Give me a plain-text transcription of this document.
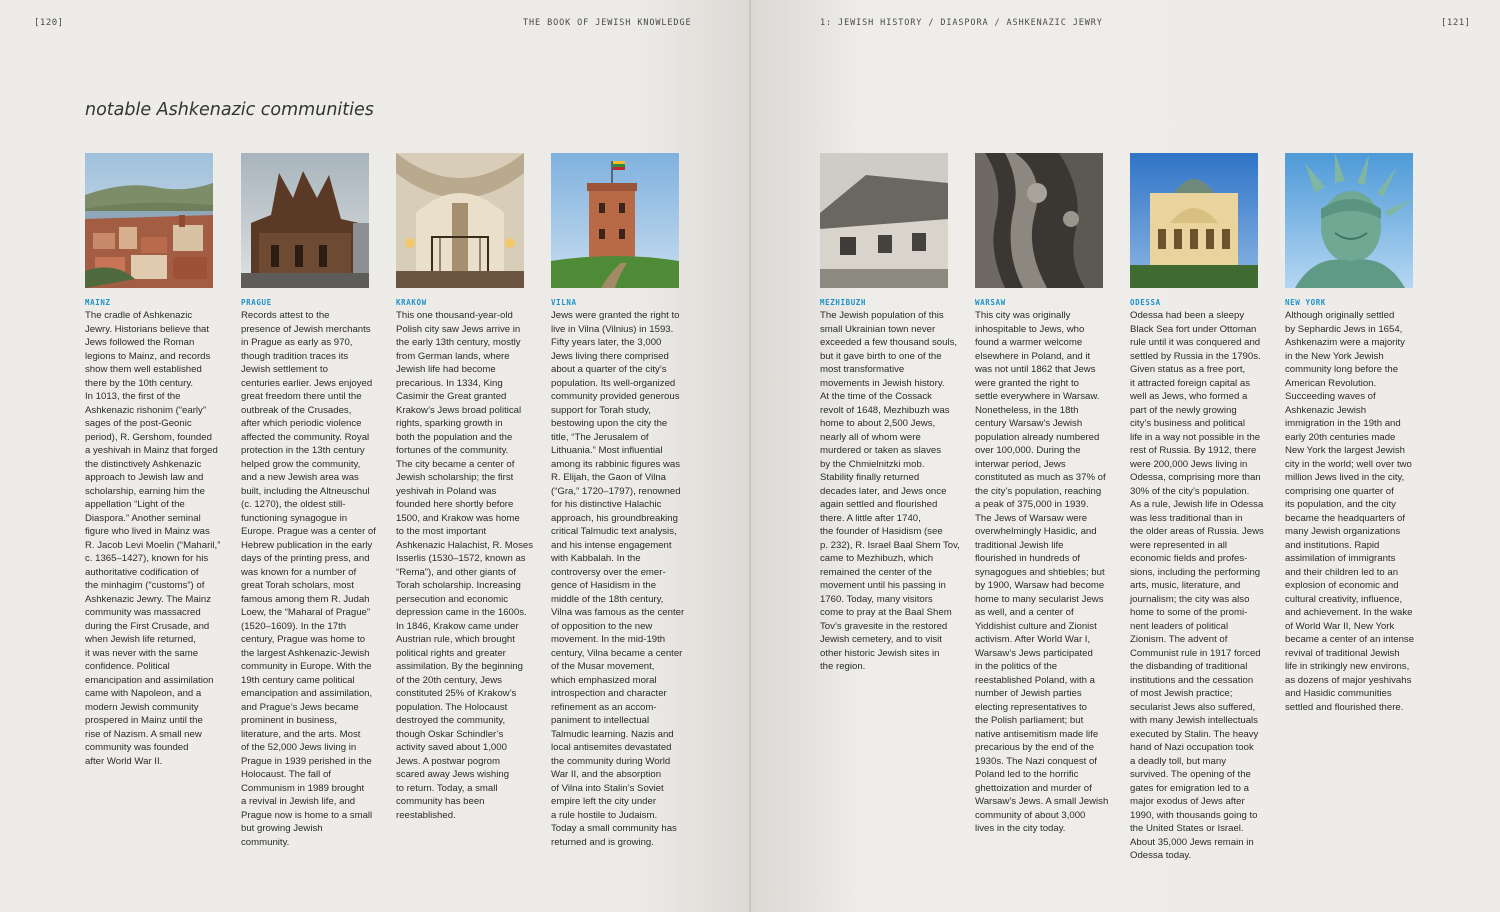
[120]	THE BOOK OF JEWISH KNOWLEDGE
notable Ashkenazic communities
MAINZ
The cradle of Ashkenazic
Jewry. Historians believe that
Jews followed the Roman
legions to Mainz, and records
show them well established
there by the 10th century.
In 1013, the first of the
Ashkenazic rishonim (“early”
sages of the post-Geonic
period), R. Gershom, founded
a yeshivah in Mainz that forged
the distinctively Ashkenazic
approach to Jewish law and
scholarship, earning him the
appellation “Light of the
Diaspora.” Another seminal
figure who lived in Mainz was
R. Jacob Levi Moelin (“Maharil,”
c. 1365–1427), known for his
authoritative codification of
the minhagim (“customs”) of
Ashkenazic Jewry. The Mainz
community was massacred
during the First Crusade, and
when Jewish life returned,
it was never with the same
confidence. Political
emancipation and assimilation
came with Napoleon, and a
modern Jewish community
prospered in Mainz until the
rise of Nazism. A small new
community was founded
after World War II.
PRAGUE
Records attest to the
presence of Jewish merchants
in Prague as early as 970,
though tradition traces its
Jewish settlement to
centuries earlier. Jews enjoyed
great freedom there until the
outbreak of the Crusades,
after which periodic violence
affected the community. Royal
protection in the 13th century
helped grow the community,
and a new Jewish area was
built, including the Altneuschul
(c. 1270), the oldest still-
functioning synagogue in
Europe. Prague was a center of
Hebrew publication in the early
days of the printing press, and
was known for a number of
great Torah scholars, most
famous among them R. Judah
Loew, the “Maharal of Prague”
(1520–1609). In the 17th
century, Prague was home to
the largest Ashkenazic-Jewish
community in Europe. With the
19th century came political
emancipation and assimilation,
and Prague’s Jews became
prominent in business,
literature, and the arts. Most
of the 52,000 Jews living in
Prague in 1939 perished in the
Holocaust. The fall of
Communism in 1989 brought
a revival in Jewish life, and
Prague now is home to a small
but growing Jewish
community.
KRAKOW
This one thousand-year-old
Polish city saw Jews arrive in
the early 13th century, mostly
from German lands, where
Jewish life had become
precarious. In 1334, King
Casimir the Great granted
Krakow’s Jews broad political
rights, sparking growth in
both the population and the
fortunes of the community.
The city became a center of
Jewish scholarship; the first
yeshivah in Poland was
founded here shortly before
1500, and Krakow was home
to the most important
Ashkenazic Halachist, R. Moses
Isserlis (1530–1572, known as
“Rema”), and other giants of
Torah scholarship. Increasing
persecution and economic
depression came in the 1600s.
In 1846, Krakow came under
Austrian rule, which brought
political rights and greater
assimilation. By the beginning
of the 20th century, Jews
constituted 25% of Krakow’s
population. The Holocaust
destroyed the community,
though Oskar Schindler’s
activity saved about 1,000
Jews. A postwar pogrom
scared away Jews wishing
to return. Today, a small
community has been
reestablished.
VILNA
Jews were granted the right to
live in Vilna (Vilnius) in 1593.
Fifty years later, the 3,000
Jews living there comprised
about a quarter of the city’s
population. Its well-organized
community provided generous
support for Torah study,
bestowing upon the city the
title, “The Jerusalem of
Lithuania.” Most influential
among its rabbinic figures was
R. Elijah, the Gaon of Vilna
(“Gra,” 1720–1797), renowned
for his distinctive Halachic
approach, his groundbreaking
critical Talmudic text analysis,
and his intense engagement
with Kabbalah. In the
controversy over the emer-
gence of Hasidism in the
middle of the 18th century,
Vilna was famous as the center
of opposition to the new
movement. In the mid-19th
century, Vilna became a center
of the Musar movement,
which emphasized moral
introspection and character
refinement as an accom-
paniment to intellectual
Talmudic learning. Nazis and
local antisemites devastated
the community during World
War II, and the absorption
of Vilna into Stalin’s Soviet
empire left the city under
a rule hostile to Judaism.
Today a small community has
returned and is growing.
1: JEWISH HISTORY / DIASPORA / ASHKENAZIC JEWRY	[121]
MEZHIBUZH
The Jewish population of this
small Ukrainian town never
exceeded a few thousand souls,
but it gave birth to one of the
most transformative
movements in Jewish history.
At the time of the Cossack
revolt of 1648, Mezhibuzh was
home to about 2,500 Jews,
nearly all of whom were
murdered or taken as slaves
by the Chmielnitzki mob.
Stability finally returned
decades later, and Jews once
again settled and flourished
there. A little after 1740,
the founder of Hasidism (see
p. 232), R. Israel Baal Shem Tov,
came to Mezhibuzh, which
remained the center of the
movement until his passing in
1760. Today, many visitors
come to pray at the Baal Shem
Tov’s gravesite in the restored
Jewish cemetery, and to visit
other historic Jewish sites in
the region.
WARSAW
This city was originally
inhospitable to Jews, who
found a warmer welcome
elsewhere in Poland, and it
was not until 1862 that Jews
were granted the right to
settle everywhere in Warsaw.
Nonetheless, in the 18th
century Warsaw’s Jewish
population already numbered
over 100,000. During the
interwar period, Jews
constituted as much as 37% of
the city’s population, reaching
a peak of 375,000 in 1939.
The Jews of Warsaw were
overwhelmingly Hasidic, and
traditional Jewish life
flourished in hundreds of
synagogues and shtiebles; but
by 1900, Warsaw had become
home to many secularist Jews
as well, and a center of
Yiddishist culture and Zionist
activism. After World War I,
Warsaw’s Jews participated
in the politics of the
reestablished Poland, with a
number of Jewish parties
electing representatives to
the Polish parliament; but
native antisemitism made life
precarious by the end of the
1930s. The Nazi conquest of
Poland led to the horrific
ghettoization and murder of
Warsaw’s Jews. A small Jewish
community of about 3,000
lives in the city today.
ODESSA
Odessa had been a sleepy
Black Sea fort under Ottoman
rule until it was conquered and
settled by Russia in the 1790s.
Given status as a free port,
it attracted foreign capital as
well as Jews, who formed a
part of the newly growing
city’s business and political
life in a way not possible in the
rest of Russia. By 1912, there
were 200,000 Jews living in
Odessa, comprising more than
30% of the city’s population.
As a rule, Jewish life in Odessa
was less traditional than in
the older areas of Russia. Jews
were represented in all
economic fields and profes-
sions, including the performing
arts, music, literature, and
journalism; the city was also
home to some of the promi-
nent leaders of political
Zionism. The advent of
Communist rule in 1917 forced
the disbanding of traditional
institutions and the cessation
of most Jewish practice;
secularist Jews also suffered,
with many Jewish intellectuals
executed by Stalin. The heavy
hand of Nazi occupation took
a deadly toll, but many
survived. The opening of the
gates for emigration led to a
major exodus of Jews after
1990, with thousands going to
the United States or Israel.
About 35,000 Jews remain in
Odessa today.
NEW YORK
Although originally settled
by Sephardic Jews in 1654,
Ashkenazim were a majority
in the New York Jewish
community long before the
American Revolution.
Succeeding waves of
Ashkenazic Jewish
immigration in the 19th and
early 20th centuries made
New York the largest Jewish
city in the world; well over two
million Jews lived in the city,
comprising one quarter of
its population, and the city
became the headquarters of
many Jewish organizations
and institutions. Rapid
assimilation of immigrants
and their children led to an
explosion of economic and
cultural creativity, influence,
and achievement. In the wake
of World War II, New York
became a center of an intense
revival of traditional Jewish
life in strikingly new environs,
as dozens of major yeshivahs
and Hasidic communities
settled and flourished there.
